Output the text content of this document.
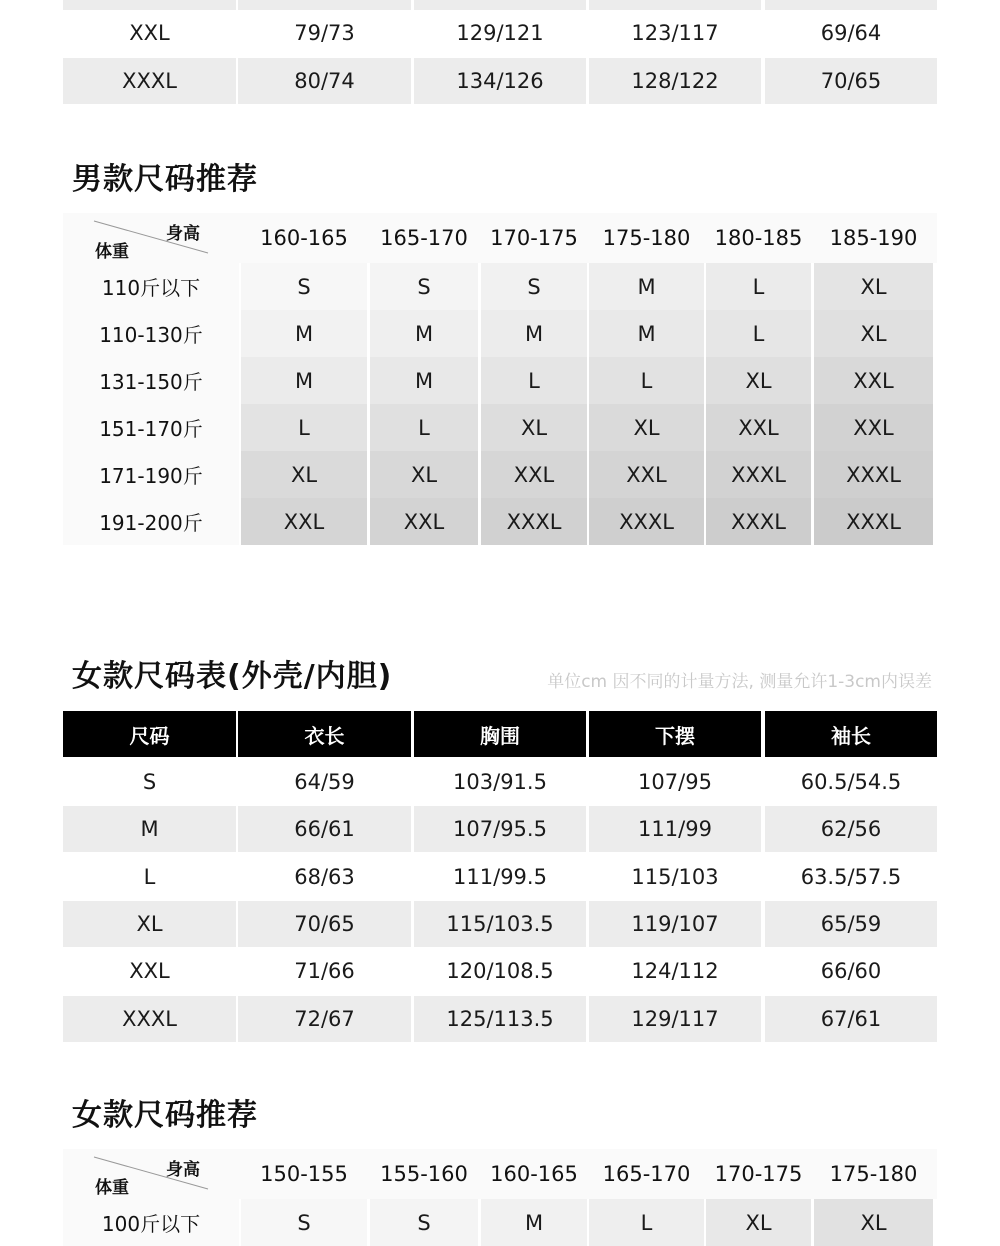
XXL	79/73	129/121	123/117	69/64
XXXL	80/74	134/126	128/122	70/65
男款尺码推荐
身高
体重
160-165	165-170	170-175	175-180	180-185	185-190
110斤以下	S	S	S	M	L	XL
110-130斤	M	M	M	M	L	XL
131-150斤	M	M	L	L	XL	XXL
151-170斤	L	L	XL	XL	XXL	XXL
171-190斤	XL	XL	XXL	XXL	XXXL	XXXL
191-200斤	XXL	XXL	XXXL	XXXL	XXXL	XXXL
女款尺码表(外壳/内胆)	单位cm 因不同的计量方法, 测量允许1-3cm内误差
尺码	衣长	胸围	下摆	袖长
S	64/59	103/91.5	107/95	60.5/54.5
M	66/61	107/95.5	111/99	62/56
L	68/63	111/99.5	115/103	63.5/57.5
XL	70/65	115/103.5	119/107	65/59
XXL	71/66	120/108.5	124/112	66/60
XXXL	72/67	125/113.5	129/117	67/61
女款尺码推荐
身高
体重
150-155	155-160	160-165	165-170	170-175	175-180
100斤以下	S	S	M	L	XL	XL
